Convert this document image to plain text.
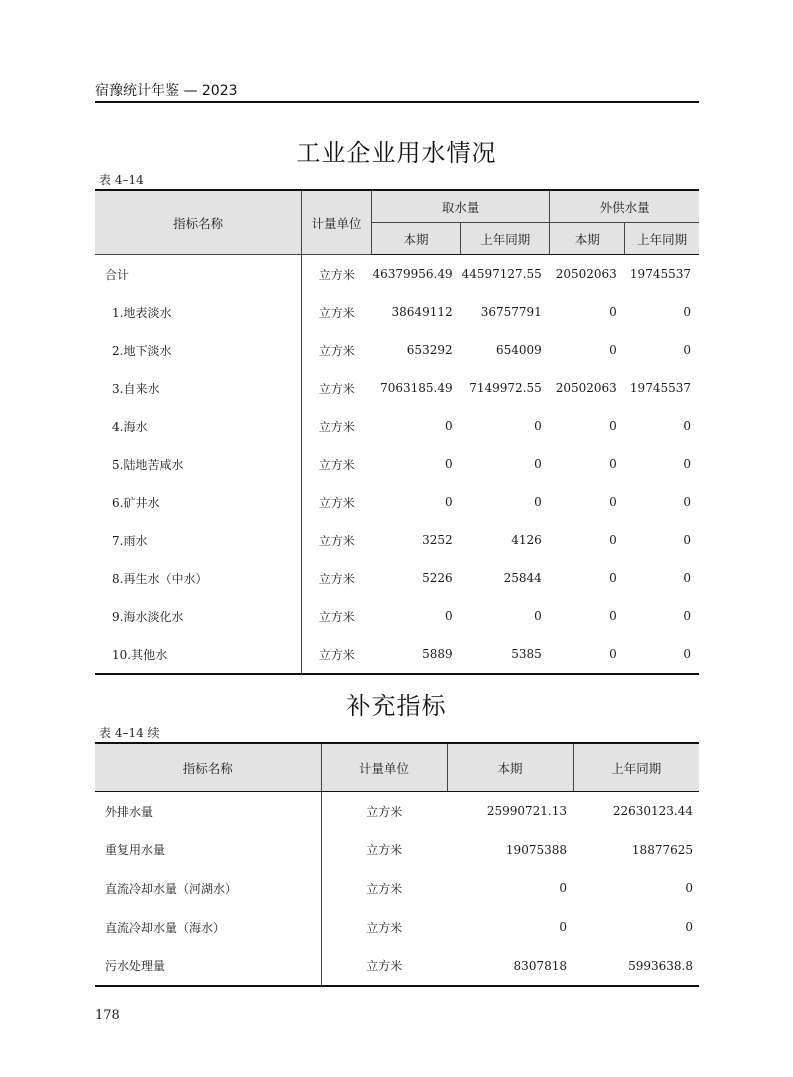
宿豫统计年鉴 — 2023
工业企业用水情况
表 4–14
指标名称	计量单位	取水量		外供水量	
		本期	上年同期	本期	上年同期
合计	立方米	46379956.49	44597127.55	20502063	19745537
1.地表淡水	立方米	38649112	36757791	0	0
2.地下淡水	立方米	653292	654009	0	0
3.自来水	立方米	7063185.49	7149972.55	20502063	19745537
4.海水	立方米	0	0	0	0
5.陆地苦咸水	立方米	0	0	0	0
6.矿井水	立方米	0	0	0	0
7.雨水	立方米	3252	4126	0	0
8.再生水（中水）	立方米	5226	25844	0	0
9.海水淡化水	立方米	0	0	0	0
10.其他水	立方米	5889	5385	0	0
补充指标
表 4–14 续
指标名称	计量单位	本期	上年同期
外排水量	立方米	25990721.13	22630123.44
重复用水量	立方米	19075388	18877625
直流冷却水量（河湖水）	立方米	0	0
直流冷却水量（海水）	立方米	0	0
污水处理量	立方米	8307818	5993638.8
178
